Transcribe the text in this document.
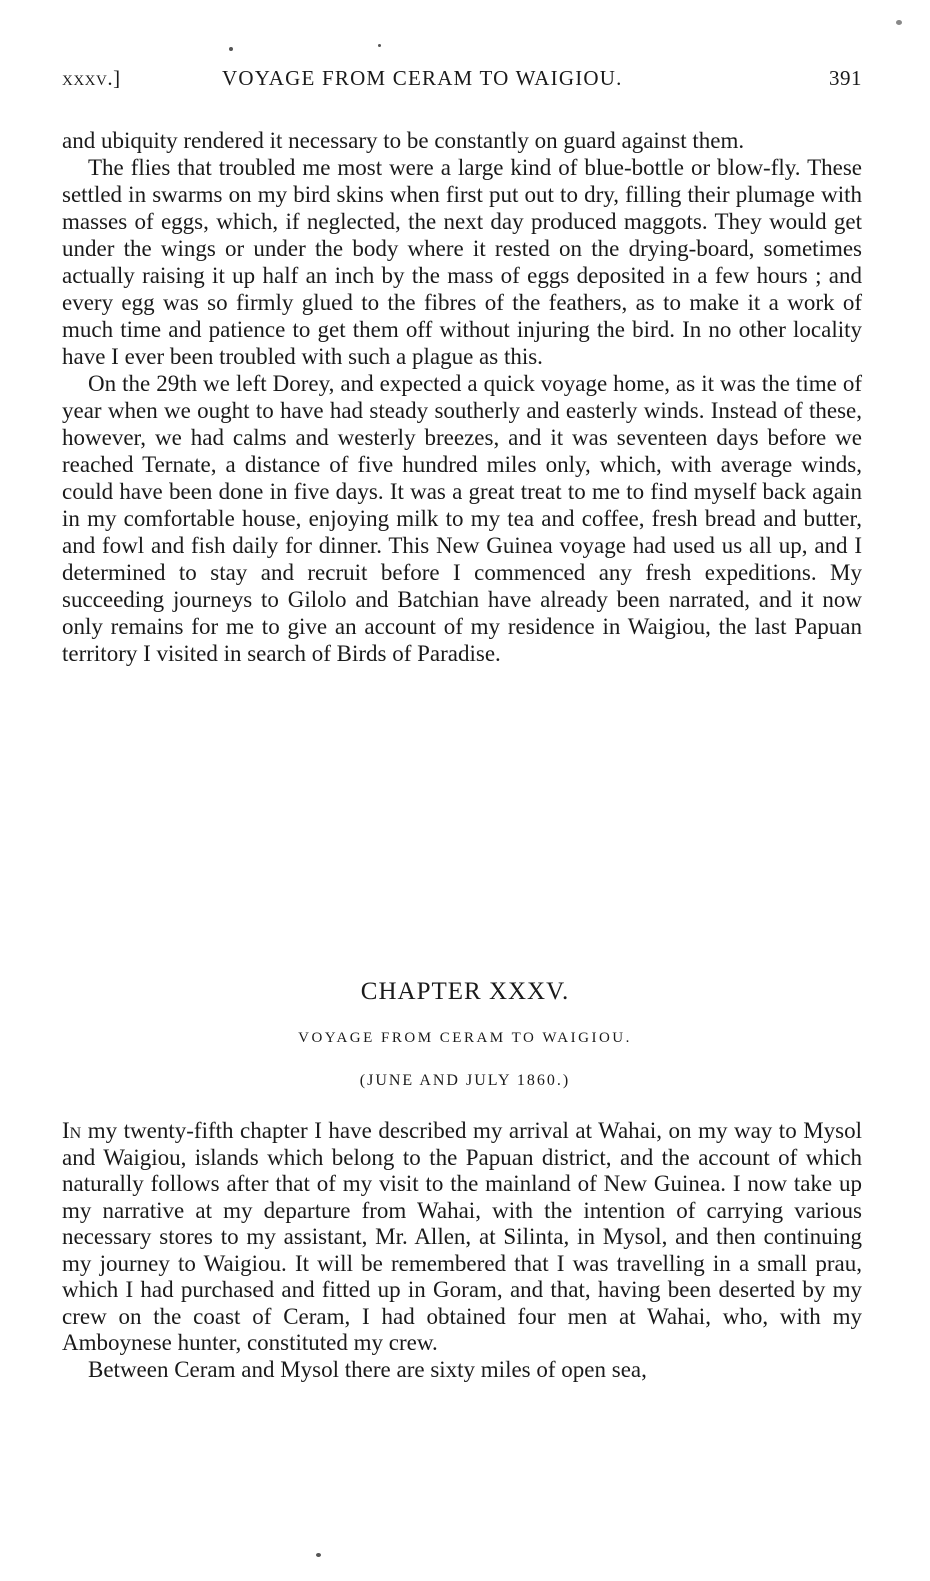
xxxv.]	VOYAGE FROM CERAM TO WAIGIOU.	391

and ubiquity rendered it necessary to be constantly on guard against them.

The flies that troubled me most were a large kind of blue-bottle or blow-fly. These settled in swarms on my bird skins when first put out to dry, filling their plumage with masses of eggs, which, if neglected, the next day produced maggots. They would get under the wings or under the body where it rested on the drying-board, sometimes actually raising it up half an inch by the mass of eggs deposited in a few hours ; and every egg was so firmly glued to the fibres of the feathers, as to make it a work of much time and patience to get them off without injuring the bird. In no other locality have I ever been troubled with such a plague as this.

On the 29th we left Dorey, and expected a quick voyage home, as it was the time of year when we ought to have had steady southerly and easterly winds. Instead of these, however, we had calms and westerly breezes, and it was seventeen days before we reached Ternate, a distance of five hundred miles only, which, with average winds, could have been done in five days. It was a great treat to me to find myself back again in my comfortable house, enjoying milk to my tea and coffee, fresh bread and butter, and fowl and fish daily for dinner. This New Guinea voyage had used us all up, and I determined to stay and recruit before I commenced any fresh expeditions. My succeeding journeys to Gilolo and Batchian have already been narrated, and it now only remains for me to give an account of my residence in Waigiou, the last Papuan territory I visited in search of Birds of Paradise.

CHAPTER XXXV.
VOYAGE FROM CERAM TO WAIGIOU.
(JUNE AND JULY 1860.)

In my twenty-fifth chapter I have described my arrival at Wahai, on my way to Mysol and Waigiou, islands which belong to the Papuan district, and the account of which naturally follows after that of my visit to the mainland of New Guinea. I now take up my narrative at my departure from Wahai, with the intention of carrying various necessary stores to my assistant, Mr. Allen, at Silinta, in Mysol, and then continuing my journey to Waigiou. It will be remembered that I was travelling in a small prau, which I had purchased and fitted up in Goram, and that, having been deserted by my crew on the coast of Ceram, I had obtained four men at Wahai, who, with my Amboynese hunter, constituted my crew.

Between Ceram and Mysol there are sixty miles of open sea,
